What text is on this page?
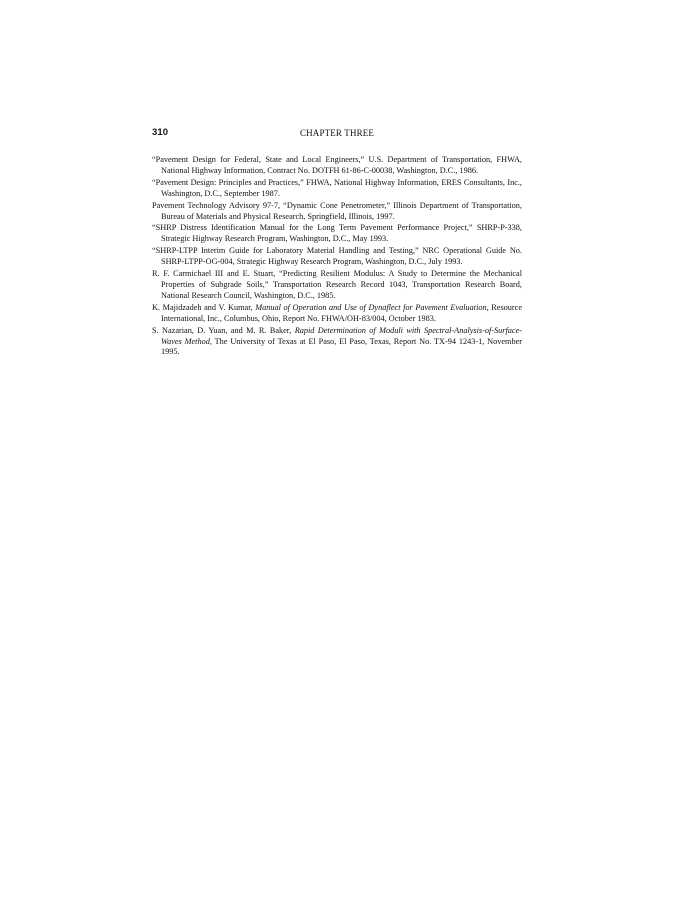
310	CHAPTER THREE
“Pavement Design for Federal, State and Local Engineers,” U.S. Department of Transportation, FHWA, National Highway Information, Contract No. DOTFH 61-86-C-00038, Washington, D.C., 1986.
“Pavement Design: Principles and Practices,” FHWA, National Highway Information, ERES Consultants, Inc., Washington, D.C., September 1987.
Pavement Technology Advisory 97-7, “Dynamic Cone Penetrometer,” Illinois Department of Transportation, Bureau of Materials and Physical Research, Springfield, Illinois, 1997.
“SHRP Distress Identification Manual for the Long Term Pavement Performance Project,” SHRP-P-338, Strategic Highway Research Program, Washington, D.C., May 1993.
“SHRP-LTPP Interim Guide for Laboratory Material Handling and Testing,” NRC Operational Guide No. SHRP-LTPP-OG-004, Strategic Highway Research Program, Washington, D.C., July 1993.
R. F. Carmichael III and E. Stuart, “Predicting Resilient Modulus: A Study to Determine the Mechanical Properties of Subgrade Soils,” Transportation Research Record 1043, Transportation Research Board, National Research Council, Washington, D.C., 1985.
K. Majidzadeh and V. Kumar, Manual of Operation and Use of Dynaflect for Pavement Evaluation, Resource International, Inc., Columbus, Ohio, Report No. FHWA/OH-83/004, October 1983.
S. Nazarian, D. Yuan, and M. R. Baker, Rapid Determination of Moduli with Spectral-Analysis-of-Surface-Waves Method, The University of Texas at El Paso, El Paso, Texas, Report No. TX-94 1243-1, November 1995.
